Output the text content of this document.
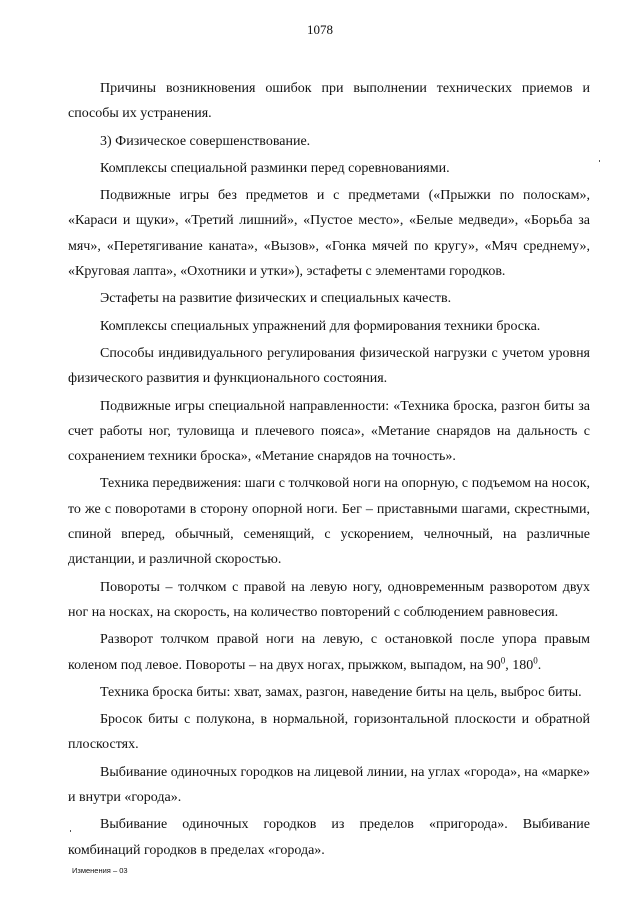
1078

Причины возникновения ошибок при выполнении технических приемов и способы их устранения.

3) Физическое совершенствование.

Комплексы специальной разминки перед соревнованиями.

Подвижные игры без предметов и с предметами («Прыжки по полоскам», «Караси и щуки», «Третий лишний», «Пустое место», «Белые медведи», «Борьба за мяч», «Перетягивание каната», «Вызов», «Гонка мячей по кругу», «Мяч среднему», «Круговая лапта», «Охотники и утки»), эстафеты с элементами городков.

Эстафеты на развитие физических и специальных качеств.

Комплексы специальных упражнений для формирования техники броска.

Способы индивидуального регулирования физической нагрузки с учетом уровня физического развития и функционального состояния.

Подвижные игры специальной направленности: «Техника броска, разгон биты за счет работы ног, туловища и плечевого пояса», «Метание снарядов на дальность с сохранением техники броска», «Метание снарядов на точность».

Техника передвижения: шаги с толчковой ноги на опорную, с подъемом на носок, то же с поворотами в сторону опорной ноги. Бег – приставными шагами, скрестными, спиной вперед, обычный, семенящий, с ускорением, челночный, на различные дистанции, и различной скоростью.

Повороты – толчком с правой на левую ногу, одновременным разворотом двух ног на носках, на скорость, на количество повторений с соблюдением равновесия.

Разворот толчком правой ноги на левую, с остановкой после упора правым коленом под левое. Повороты – на двух ногах, прыжком, выпадом, на $90^0$, $180^0$.

Техника броска биты: хват, замах, разгон, наведение биты на цель, выброс биты.

Бросок биты с полукона, в нормальной, горизонтальной плоскости и обратной плоскостях.

Выбивание одиночных городков на лицевой линии, на углах «города», на «марке» и внутри «города».

Выбивание одиночных городков из пределов «пригорода». Выбивание комбинаций городков в пределах «города».

Изменения – 03
